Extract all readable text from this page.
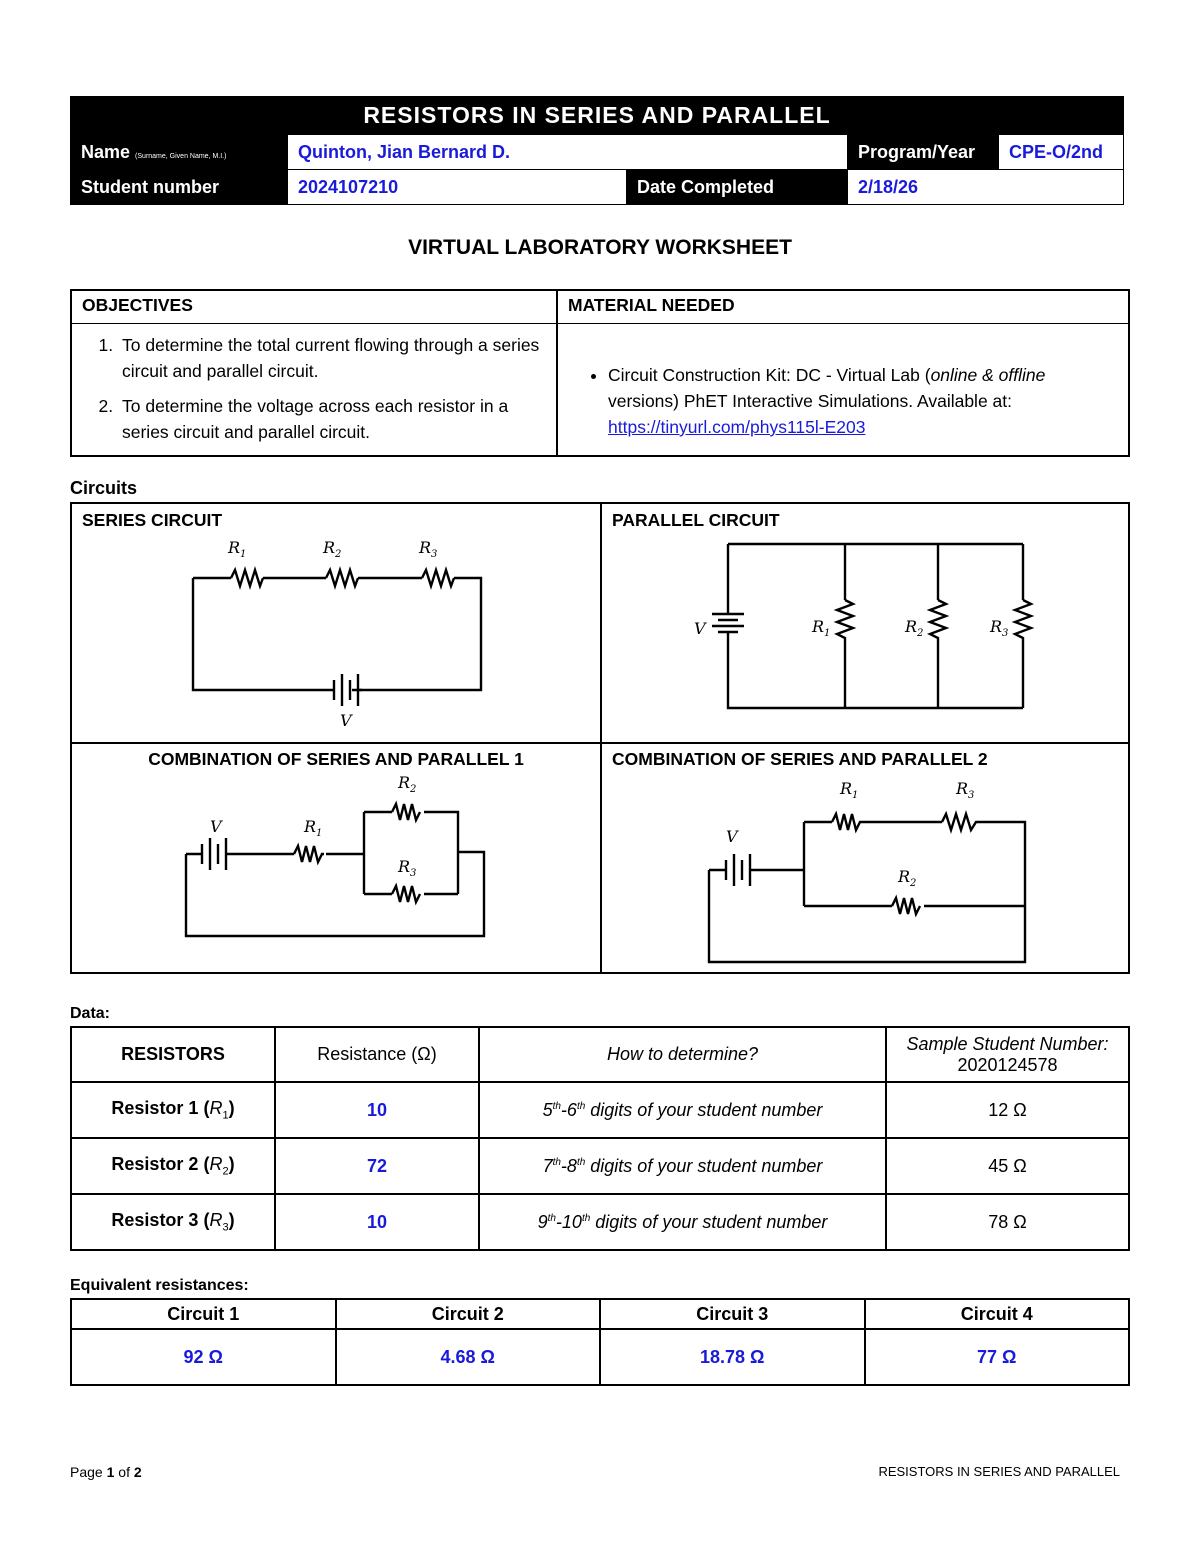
RESISTORS IN SERIES AND PARALLEL				
Name (Surname, Given Name, M.I.)	Quinton, Jian Bernard D.		Program/Year	CPE-O/2nd
Student number	2024107210	Date Completed	2/18/26	
VIRTUAL LABORATORY WORKSHEET
OBJECTIVES
1. To determine the total current flowing through a series circuit and parallel circuit.
2. To determine the voltage across each resistor in a series circuit and parallel circuit.

MATERIAL NEEDED
• Circuit Construction Kit: DC - Virtual Lab (online & offline versions) PhET Interactive Simulations. Available at:
https://tinyurl.com/phys115l-E203
Circuits
SERIES CIRCUIT	PARALLEL CIRCUIT
COMBINATION OF SERIES AND PARALLEL 1	COMBINATION OF SERIES AND PARALLEL 2
$R_1$	$R_2$	$R_3$
V
V	$R_1$	$R_2$	$R_3$
V	$R_1$
$R_2$
$R_3$
V
$R_1$	$R_3$
$R_2$
Data:
RESISTORS	Resistance (Ω)	How to determine?	Sample Student Number:
2020124578

Resistor 1 $(R_1)$	10	5th-6th digits of your student number	12 Ω
Resistor 2 $(R_2)$	72	7th-8th digits of your student number	45 Ω
Resistor 3 $(R_3)$	10	9th-10th digits of your student number	78 Ω
Equivalent resistances:
Circuit 1	Circuit 2	Circuit 3	Circuit 4
92 Ω	4.68 Ω	18.78 Ω	77 Ω
Page 1 of 2	RESISTORS IN SERIES AND PARALLEL
